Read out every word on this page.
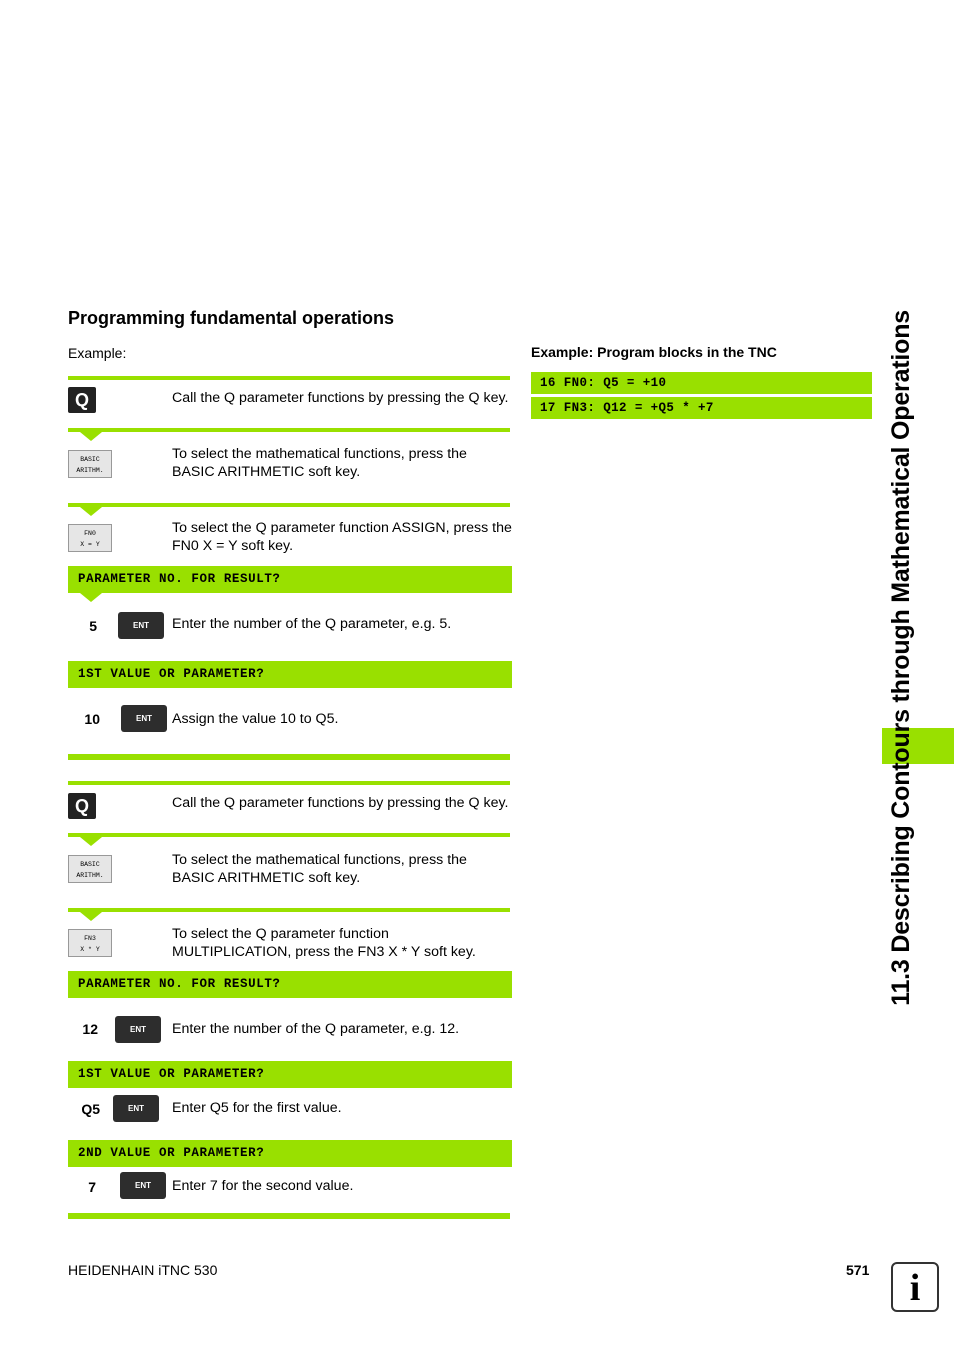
Programming fundamental operations
Example:	Example: Program blocks in the TNC
16 FN0: Q5 = +10
17 FN3: Q12 = +Q5 * +7
Q	Call the Q parameter functions by pressing the Q key.
BASIC
ARITHM.
To select the mathematical functions, press the BASIC ARITHMETIC soft key.
FN0
X = Y
To select the Q parameter function ASSIGN, press the FN0 X = Y soft key.
PARAMETER NO. FOR RESULT?
5	ENT	Enter the number of the Q parameter, e.g. 5.
1ST VALUE OR PARAMETER?
10	ENT	Assign the value 10 to Q5.
Q	Call the Q parameter functions by pressing the Q key.
BASIC
ARITHM.
To select the mathematical functions, press the BASIC ARITHMETIC soft key.
FN3
X * Y
To select the Q parameter function MULTIPLICATION, press the FN3 X * Y soft key.
PARAMETER NO. FOR RESULT?
12	ENT	Enter the number of the Q parameter, e.g. 12.
1ST VALUE OR PARAMETER?
Q5	ENT	Enter Q5 for the first value.
2ND VALUE OR PARAMETER?
7	ENT	Enter 7 for the second value.
11.3 Describing Contours through Mathematical Operations
HEIDENHAIN iTNC 530	571	i
